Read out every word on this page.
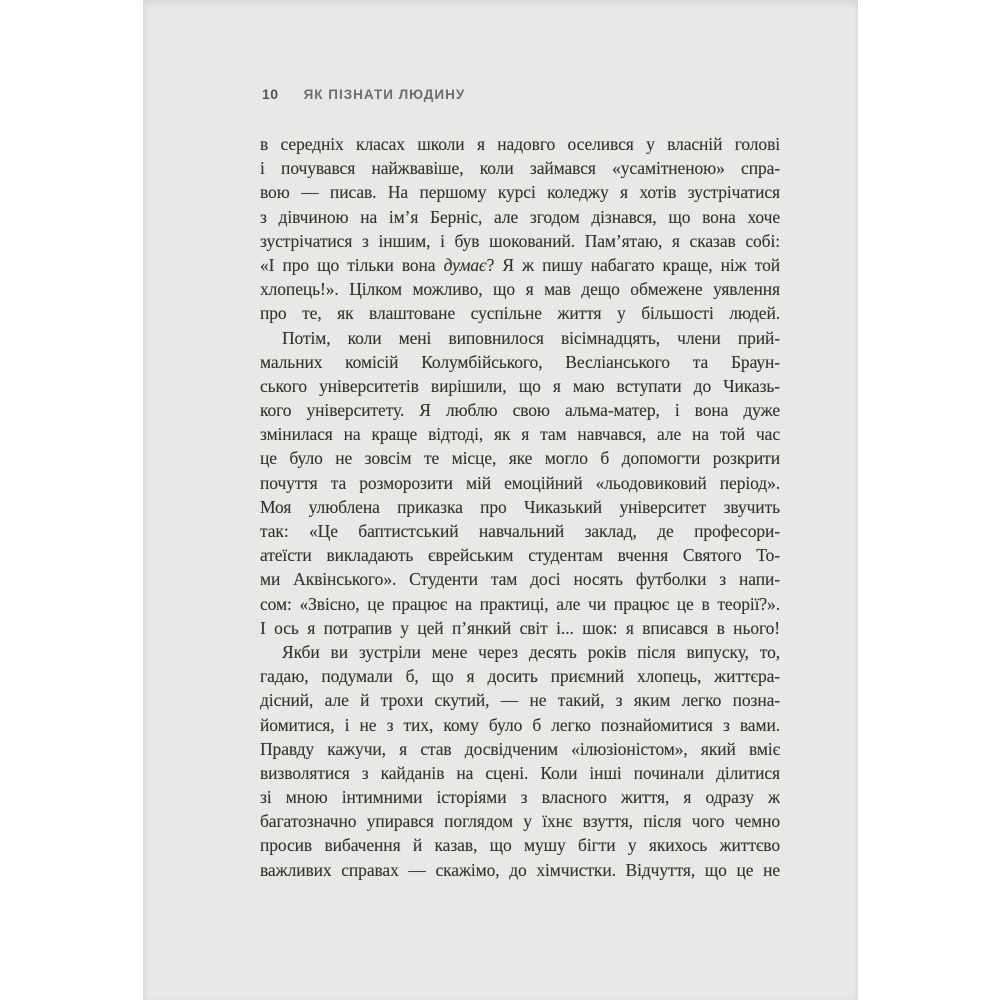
10 ЯК ПІЗНАТИ ЛЮДИНУ
в середніх класах школи я надовго оселився у власній голові
і почувався найжвавіше, коли займався «усамітненою» спра-
вою — писав. На першому курсі коледжу я хотів зустрічатися
з дівчиною на ім’я Берніс, але згодом дізнався, що вона хоче
зустрічатися з іншим, і був шокований. Пам’ятаю, я сказав собі:
«І про що тільки вона думає? Я ж пишу набагато краще, ніж той
хлопець!». Цілком можливо, що я мав дещо обмежене уявлення
про те, як влаштоване суспільне життя у більшості людей.
Потім, коли мені виповнилося вісімнадцять, члени прий-
мальних комісій Колумбійського, Весліанського та Браун-
ського університетів вирішили, що я маю вступати до Чиказь-
кого університету. Я люблю свою альма-матер, і вона дуже
змінилася на краще відтоді, як я там навчався, але на той час
це було не зовсім те місце, яке могло б допомогти розкрити
почуття та розморозити мій емоційний «льодовиковий період».
Моя улюблена приказка про Чиказький університет звучить
так: «Це баптистський навчальний заклад, де професори-
атеїсти викладають єврейським студентам вчення Святого То-
ми Аквінського». Студенти там досі носять футболки з напи-
сом: «Звісно, це працює на практиці, але чи працює це в теорії?».
І ось я потрапив у цей п’янкий світ і... шок: я вписався в нього!
Якби ви зустріли мене через десять років після випуску, то,
гадаю, подумали б, що я досить приємний хлопець, життєра-
дісний, але й трохи скутий, — не такий, з яким легко позна-
йомитися, і не з тих, кому було б легко познайомитися з вами.
Правду кажучи, я став досвідченим «ілюзіоністом», який вміє
визволятися з кайданів на сцені. Коли інші починали ділитися
зі мною інтимними історіями з власного життя, я одразу ж
багатозначно упирався поглядом у їхнє взуття, після чого чемно
просив вибачення й казав, що мушу бігти у якихось життєво
важливих справах — скажімо, до хімчистки. Відчуття, що це не
